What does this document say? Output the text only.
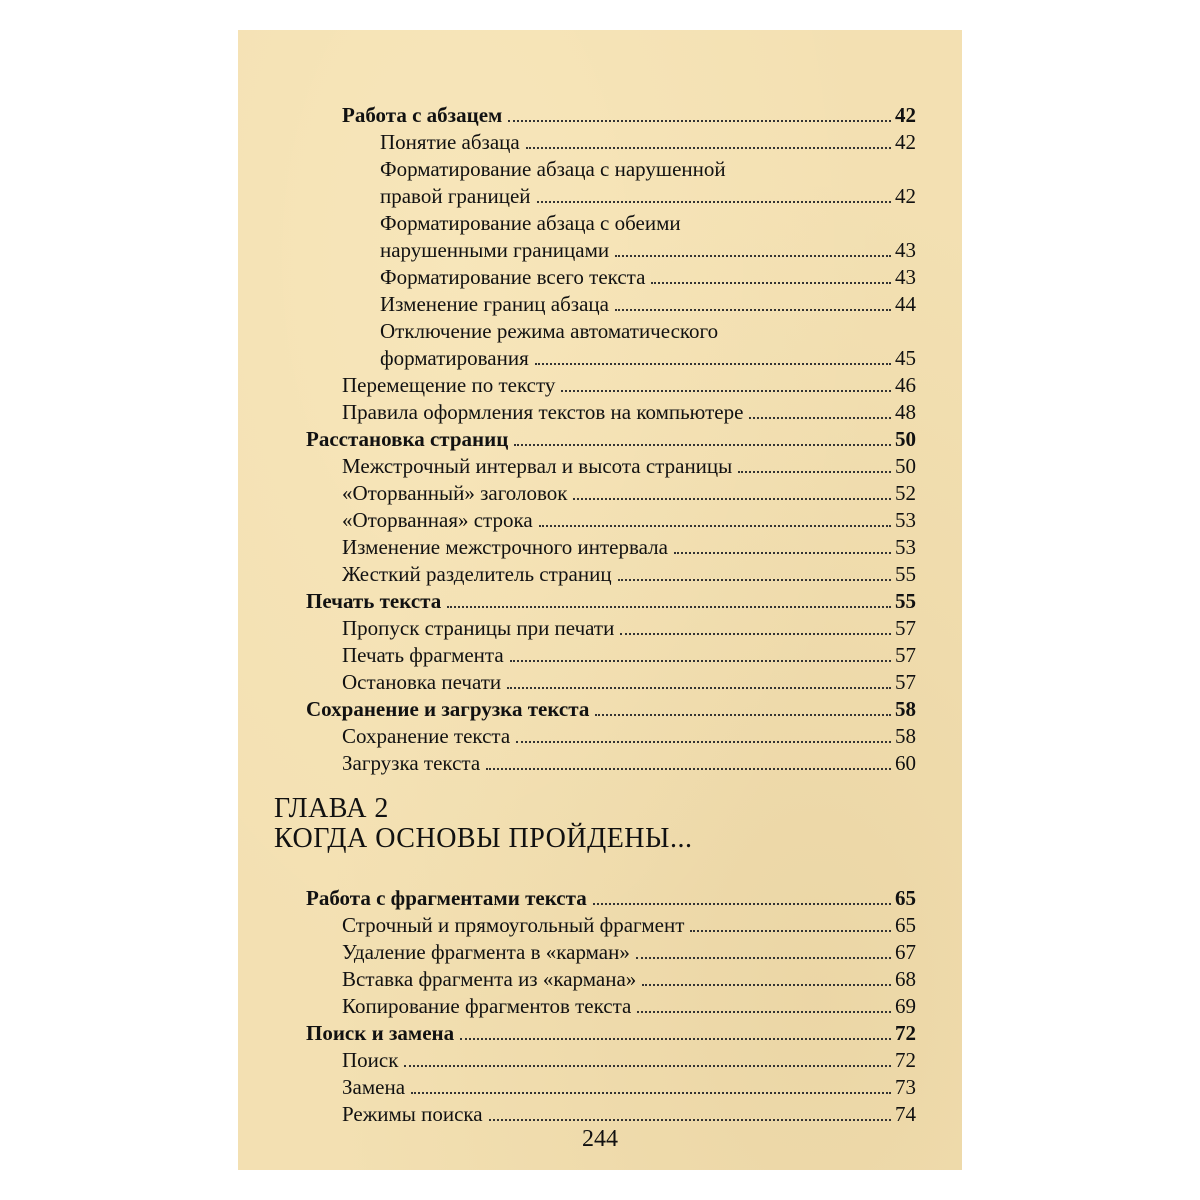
Работа с абзацем	42
Понятие абзаца	42
Форматирование абзаца с нарушенной
правой границей	42
Форматирование абзаца с обеими
нарушенными границами	43
Форматирование всего текста	43
Изменение границ абзаца	44
Отключение режима автоматического
форматирования	45
Перемещение по тексту	46
Правила оформления текстов на компьютере	48
Расстановка страниц	50
Межстрочный интервал и высота страницы	50
«Оторванный» заголовок	52
«Оторванная» строка	53
Изменение межстрочного интервала	53
Жесткий разделитель страниц	55
Печать текста	55
Пропуск страницы при печати	57
Печать фрагмента	57
Остановка печати	57
Сохранение и загрузка текста	58
Сохранение текста	58
Загрузка текста	60
ГЛАВА 2
КОГДА ОСНОВЫ ПРОЙДЕНЫ...
Работа с фрагментами текста	65
Строчный и прямоугольный фрагмент	65
Удаление фрагмента в «карман»	67
Вставка фрагмента из «кармана»	68
Копирование фрагментов текста	69
Поиск и замена	72
Поиск	72
Замена	73
Режимы поиска	74
244
